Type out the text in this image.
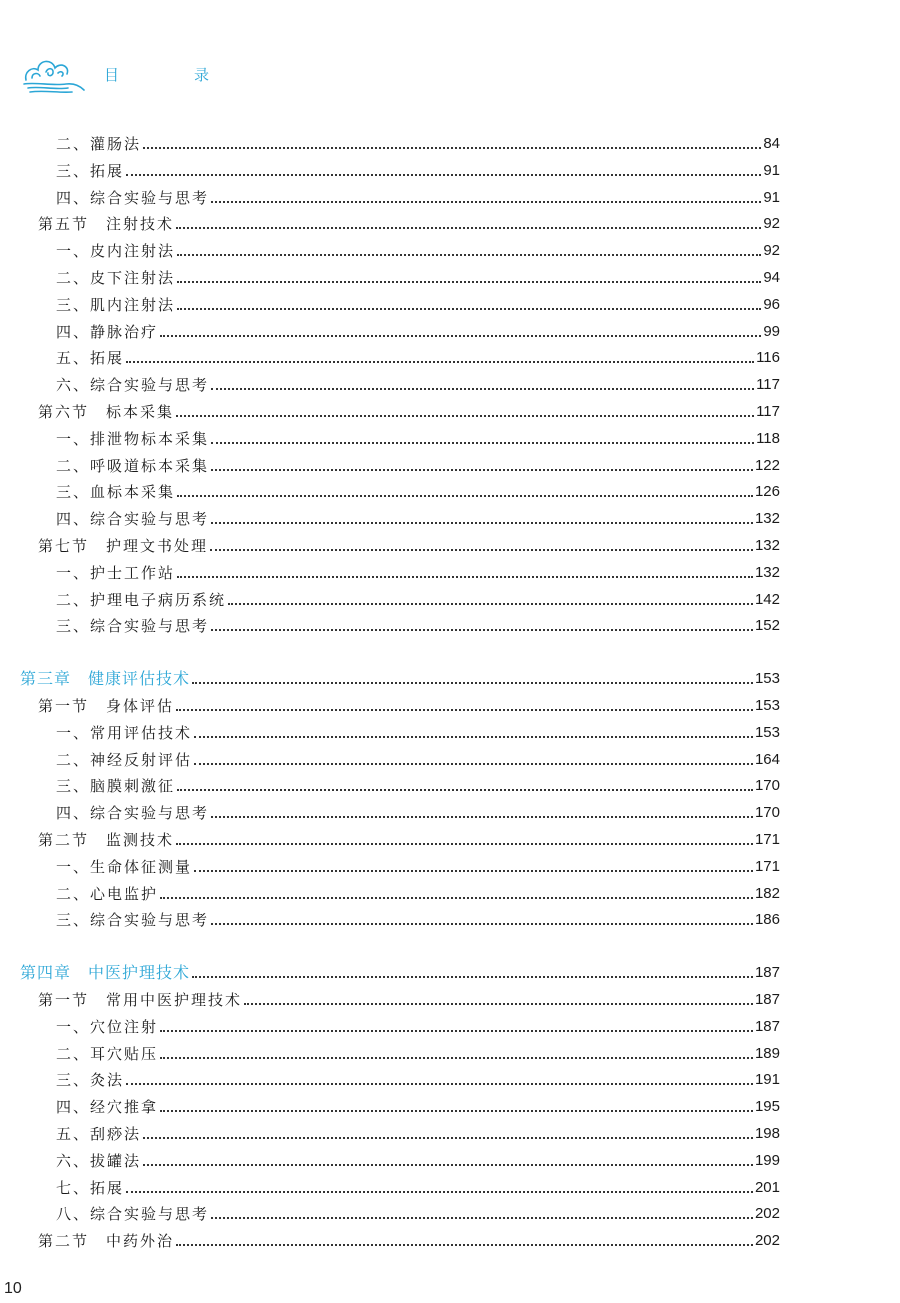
目　录
二、灌肠法	84
三、拓展	91
四、综合实验与思考	91
第五节　注射技术	92
一、皮内注射法	92
二、皮下注射法	94
三、肌内注射法	96
四、静脉治疗	99
五、拓展	116
六、综合实验与思考	117
第六节　标本采集	117
一、排泄物标本采集	118
二、呼吸道标本采集	122
三、血标本采集	126
四、综合实验与思考	132
第七节　护理文书处理	132
一、护士工作站	132
二、护理电子病历系统	142
三、综合实验与思考	152
第三章　健康评估技术	153
第一节　身体评估	153
一、常用评估技术	153
二、神经反射评估	164
三、脑膜刺激征	170
四、综合实验与思考	170
第二节　监测技术	171
一、生命体征测量	171
二、心电监护	182
三、综合实验与思考	186
第四章　中医护理技术	187
第一节　常用中医护理技术	187
一、穴位注射	187
二、耳穴贴压	189
三、灸法	191
四、经穴推拿	195
五、刮痧法	198
六、拔罐法	199
七、拓展	201
八、综合实验与思考	202
第二节　中药外治	202
10
